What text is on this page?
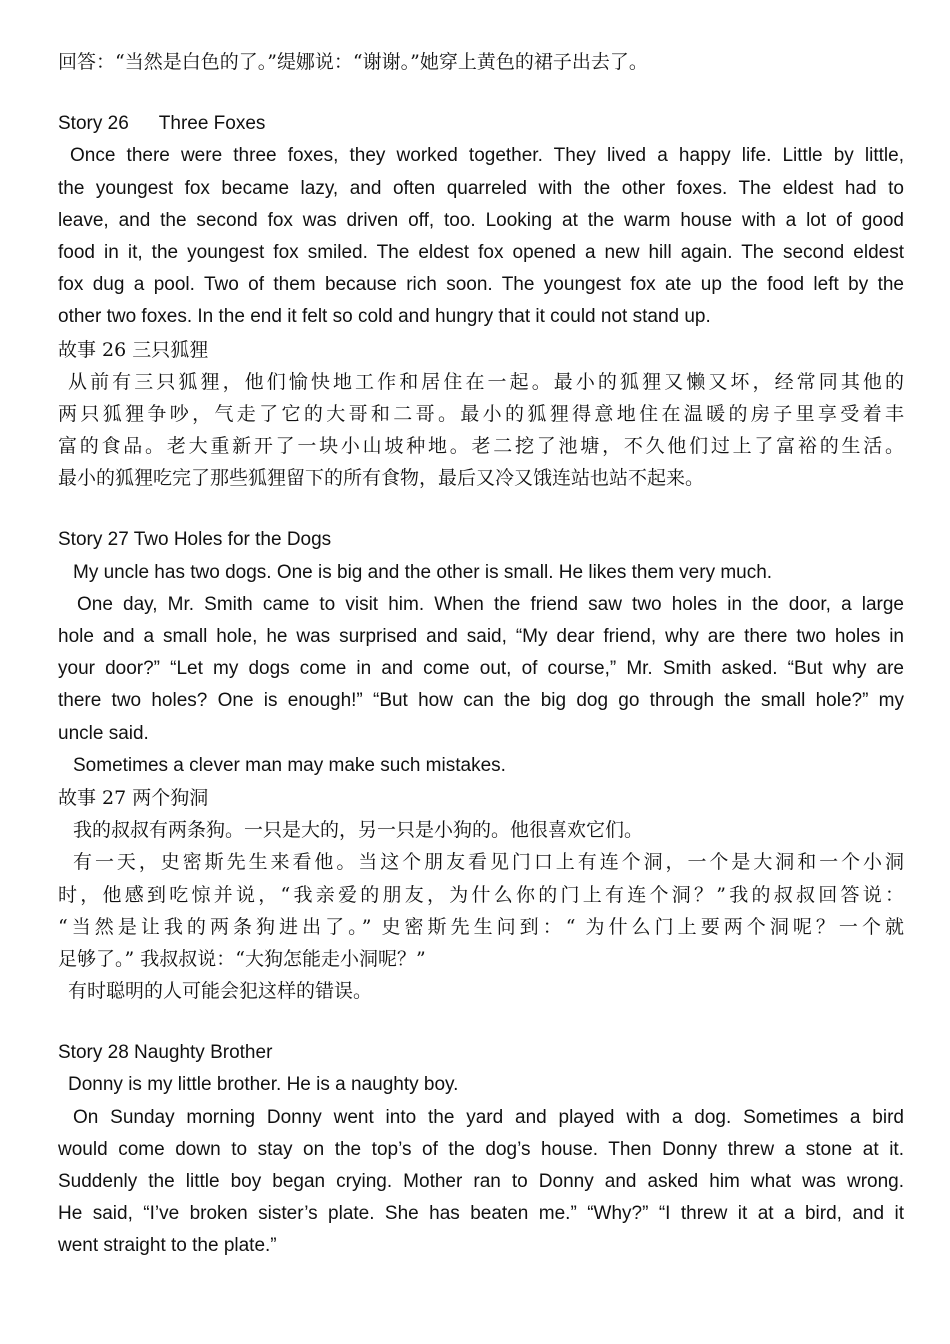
回答：“当然是白色的了。”缇娜说：“谢谢。”她穿上黄色的裙子出去了。
Story 26 Three Foxes
Once there were three foxes, they worked together. They lived a happy life. Little by little,
the youngest fox became lazy, and often quarreled with the other foxes. The eldest had to
leave, and the second fox was driven off, too. Looking at the warm house with a lot of good
food in it, the youngest fox smiled. The eldest fox opened a new hill again. The second eldest
fox dug a pool. Two of them because rich soon. The youngest fox ate up the food left by the
other two foxes. In the end it felt so cold and hungry that it could not stand up.
故事 26 三只狐狸
从前有三只狐狸，他们愉快地工作和居住在一起。最小的狐狸又懒又坏，经常同其他的
两只狐狸争吵，气走了它的大哥和二哥。最小的狐狸得意地住在温暖的房子里享受着丰
富的食品。老大重新开了一块小山坡种地。老二挖了池塘，不久他们过上了富裕的生活。
最小的狐狸吃完了那些狐狸留下的所有食物，最后又冷又饿连站也站不起来。
Story 27 Two Holes for the Dogs
My uncle has two dogs. One is big and the other is small. He likes them very much.
One day, Mr. Smith came to visit him. When the friend saw two holes in the door, a large
hole and a small hole, he was surprised and said, “My dear friend, why are there two holes in
your door?” “Let my dogs come in and come out, of course,” Mr. Smith asked. “But why are
there two holes? One is enough!” “But how can the big dog go through the small hole?” my
uncle said.
Sometimes a clever man may make such mistakes.
故事 27 两个狗洞
我的叔叔有两条狗。一只是大的，另一只是小狗的。他很喜欢它们。
有一天，史密斯先生来看他。当这个朋友看见门口上有连个洞，一个是大洞和一个小洞
时，他感到吃惊并说，“我亲爱的朋友，为什么你的门上有连个洞？”我的叔叔回答说：
“当然是让我的两条狗进出了。” 史密斯先生问到：“ 为什么门上要两个洞呢？一个就
足够了。” 我叔叔说：“大狗怎能走小洞呢？”
有时聪明的人可能会犯这样的错误。
Story 28 Naughty Brother
Donny is my little brother. He is a naughty boy.
On Sunday morning Donny went into the yard and played with a dog. Sometimes a bird
would come down to stay on the top’s of the dog’s house. Then Donny threw a stone at it.
Suddenly the little boy began crying. Mother ran to Donny and asked him what was wrong.
He said, “I’ve broken sister’s plate. She has beaten me.” “Why?” “I threw it at a bird, and it
went straight to the plate.”
